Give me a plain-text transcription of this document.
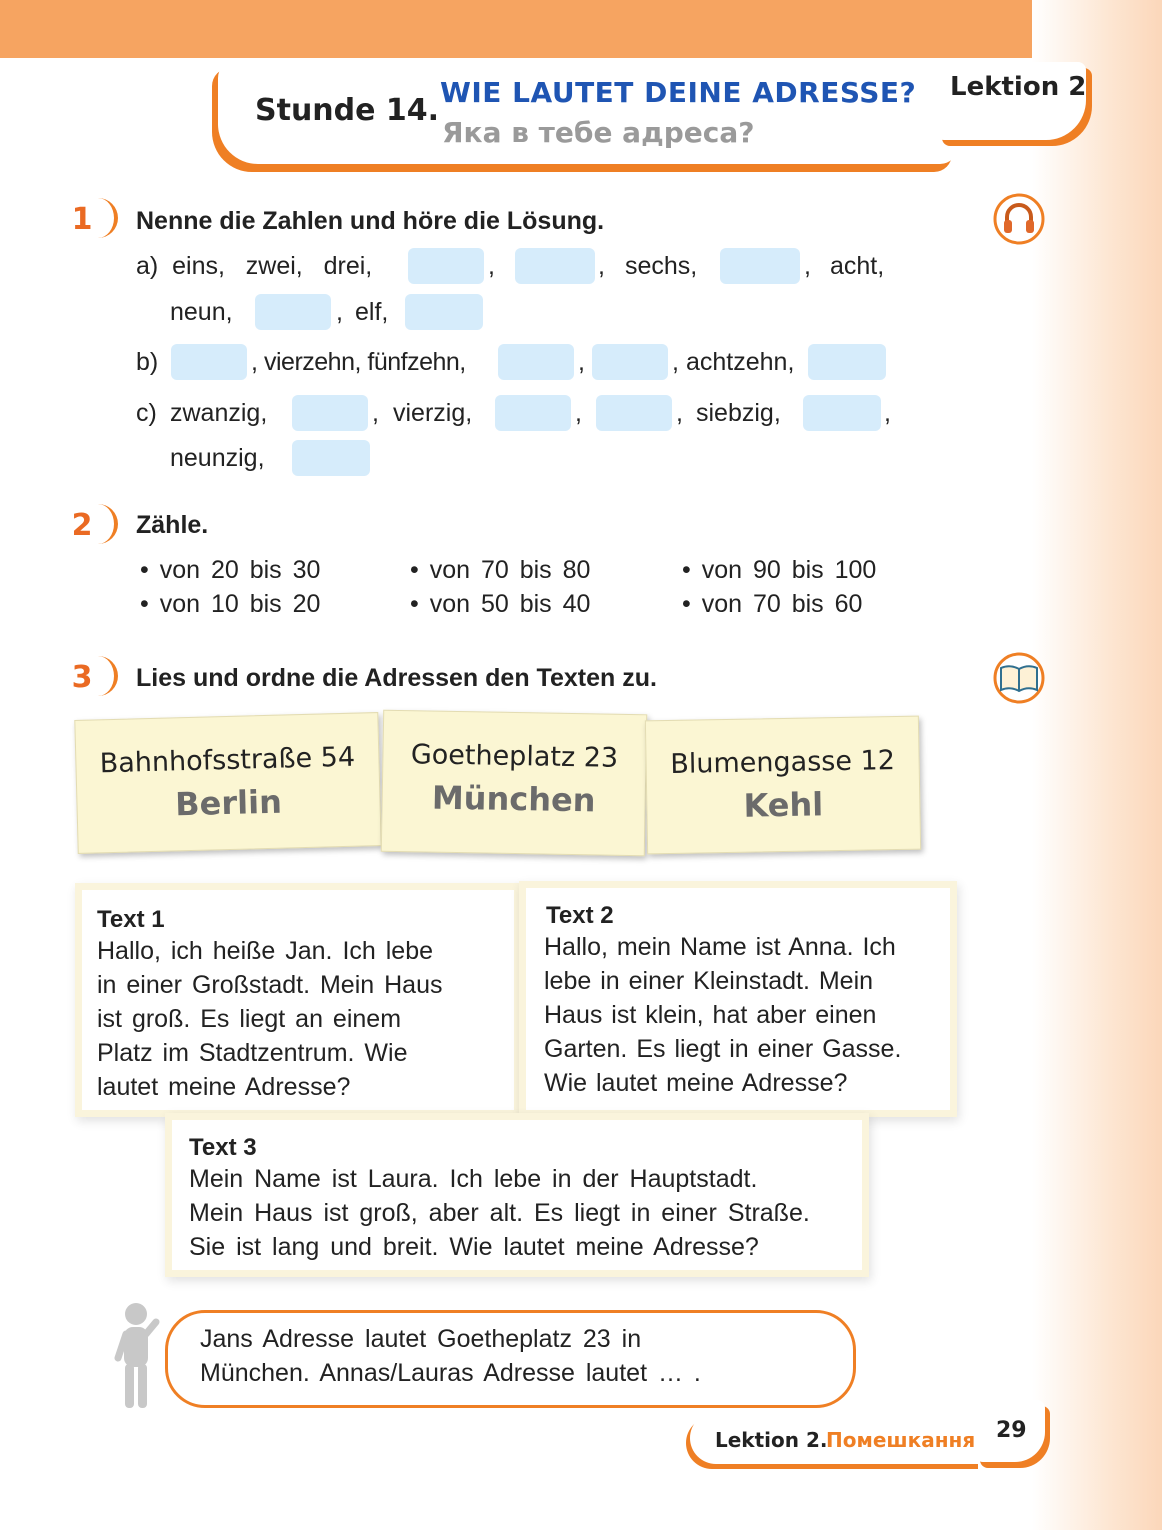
Stunde 14.
WIE LAUTET DEINE ADRESSE?
Яка в тебе адреса?
Lektion 2
1	Nenne die Zahlen und höre die Lösung.
a) eins, zwei, drei,	,	, sechs,	, acht,
neun,	, elf,
b)	, vierzehn, fünfzehn,	,	, achtzehn,
c) zwanzig,	, vierzig,	,	, siebzig,	,
neunzig,
2	Zähle.
• von 20 bis 30	• von 70 bis 80	• von 90 bis 100
• von 10 bis 20	• von 50 bis 40	• von 70 bis 60
3	Lies und ordne die Adressen den Texten zu.
Bahnhofsstraße 54
Berlin
Goetheplatz 23
München
Blumengasse 12
Kehl
Text 1
Hallo, ich heiße Jan. Ich lebe
in einer Großstadt. Mein Haus
ist groß. Es liegt an einem
Platz im Stadtzentrum. Wie
lautet meine Adresse?
Text 2
Hallo, mein Name ist Anna. Ich
lebe in einer Kleinstadt. Mein
Haus ist klein, hat aber einen
Garten. Es liegt in einer Gasse.
Wie lautet meine Adresse?
Text 3
Mein Name ist Laura. Ich lebe in der Hauptstadt.
Mein Haus ist groß, aber alt. Es liegt in einer Straße.
Sie ist lang und breit. Wie lautet meine Adresse?
Jans Adresse lautet Goetheplatz 23 in
München. Annas/Lauras Adresse lautet … .
Lektion 2.
Помешкання 29
